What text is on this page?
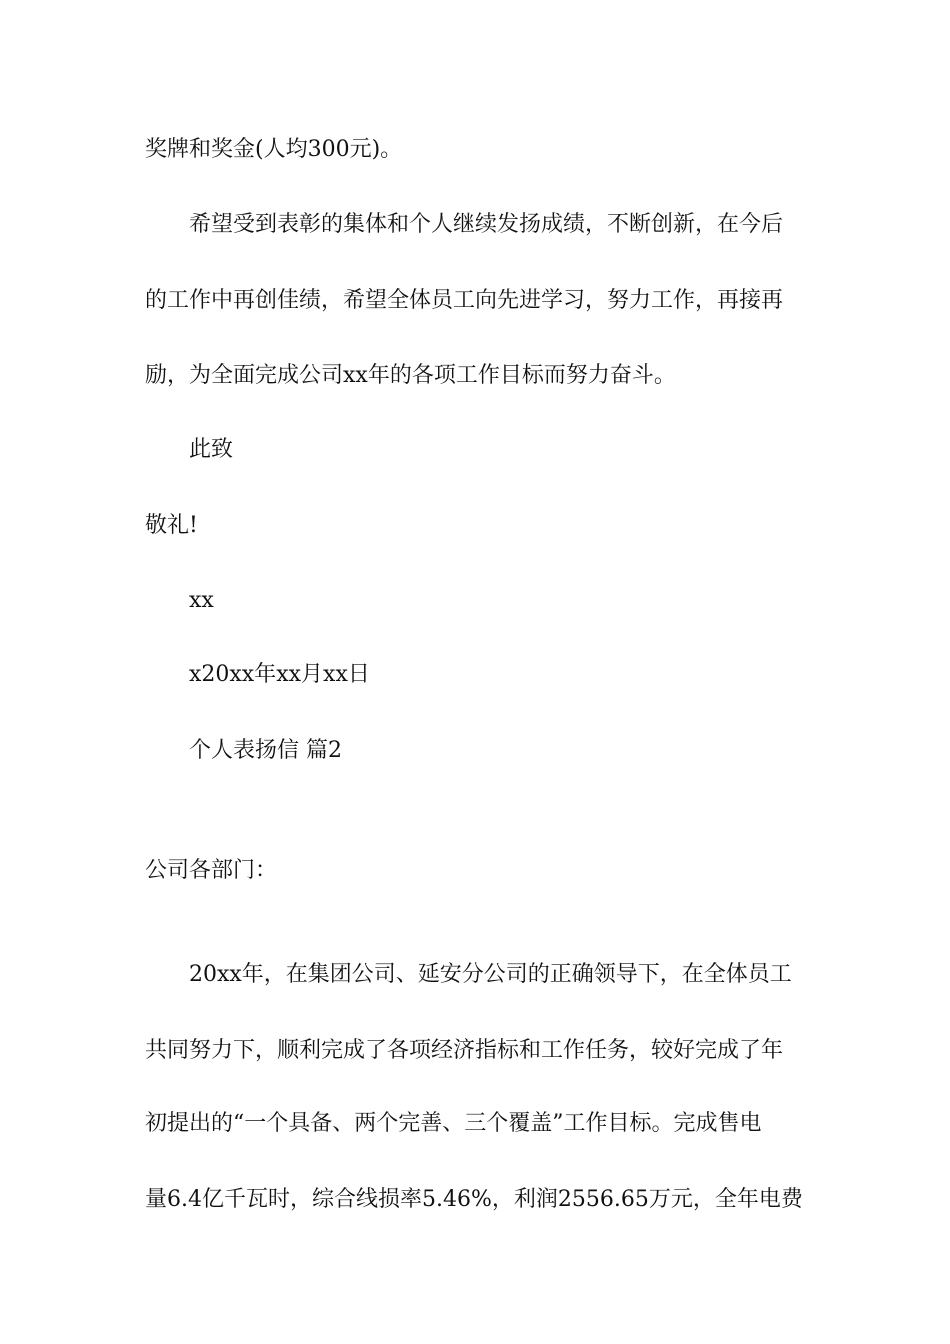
奖牌和奖金(人均300元)。
希望受到表彰的集体和个人继续发扬成绩，不断创新，在今后
的工作中再创佳绩，希望全体员工向先进学习，努力工作，再接再
励，为全面完成公司xx年的各项工作目标而努力奋斗。
此致
敬礼!
xx
x20xx年xx月xx日
个人表扬信 篇2
公司各部门：
20xx年，在集团公司、延安分公司的正确领导下，在全体员工
共同努力下，顺利完成了各项经济指标和工作任务，较好完成了年
初提出的“一个具备、两个完善、三个覆盖”工作目标。完成售电
量6.4亿千瓦时，综合线损率5.46%，利润2556.65万元，全年电费
